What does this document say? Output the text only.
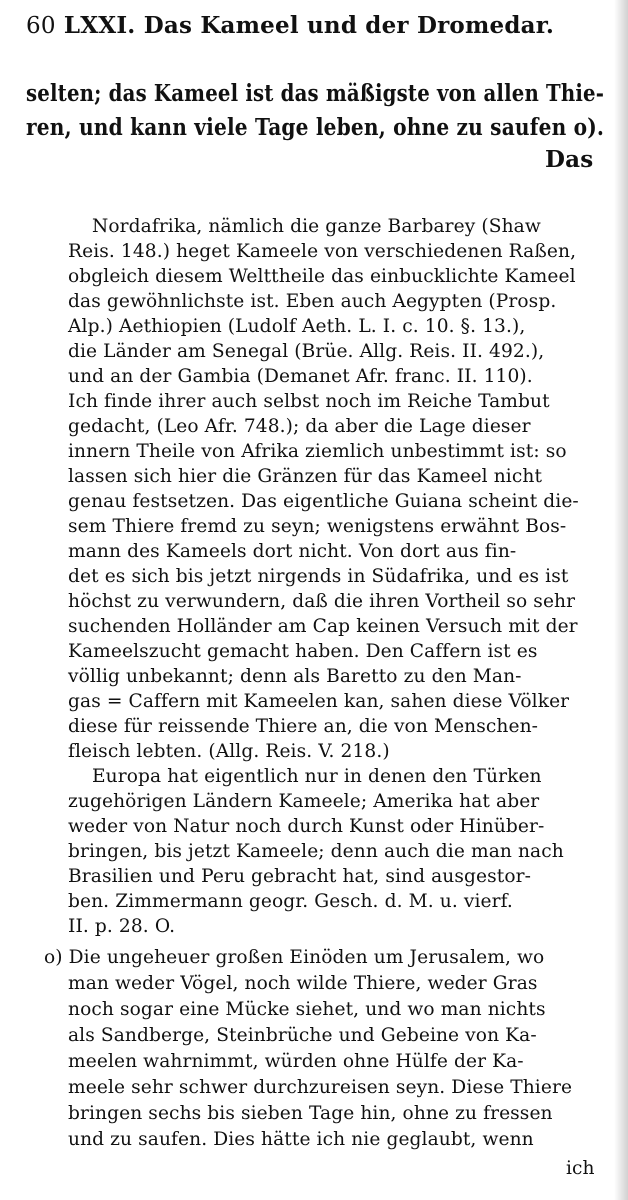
60 LXXI. Das Kameel und der Dromedar.
selten; das Kameel ist das mäßigste von allen Thie-
ren, und kann viele Tage leben, ohne zu saufen o).
Das
Nordafrika, nämlich die ganze Barbarey (Shaw
Reis. 148.) heget Kameele von verschiedenen Raßen,
obgleich diesem Welttheile das einbucklichte Kameel
das gewöhnlichste ist. Eben auch Aegypten (Prosp.
Alp.) Aethiopien (Ludolf Aeth. L. I. c. 10. §. 13.),
die Länder am Senegal (Brüe. Allg. Reis. II. 492.),
und an der Gambia (Demanet Afr. franc. II. 110).
Ich finde ihrer auch selbst noch im Reiche Tambut
gedacht, (Leo Afr. 748.); da aber die Lage dieser
innern Theile von Afrika ziemlich unbestimmt ist: so
lassen sich hier die Gränzen für das Kameel nicht
genau festsetzen. Das eigentliche Guiana scheint die-
sem Thiere fremd zu seyn; wenigstens erwähnt Bos-
mann des Kameels dort nicht. Von dort aus fin-
det es sich bis jetzt nirgends in Südafrika, und es ist
höchst zu verwundern, daß die ihren Vortheil so sehr
suchenden Holländer am Cap keinen Versuch mit der
Kameelszucht gemacht haben. Den Caffern ist es
völlig unbekannt; denn als Baretto zu den Man-
gas = Caffern mit Kameelen kan, sahen diese Völker
diese für reissende Thiere an, die von Menschen-
fleisch lebten. (Allg. Reis. V. 218.)
Europa hat eigentlich nur in denen den Türken
zugehörigen Ländern Kameele; Amerika hat aber
weder von Natur noch durch Kunst oder Hinüber-
bringen, bis jetzt Kameele; denn auch die man nach
Brasilien und Peru gebracht hat, sind ausgestor-
ben. Zimmermann geogr. Gesch. d. M. u. vierf.
II. p. 28. O.
o) Die ungeheuer großen Einöden um Jerusalem, wo
man weder Vögel, noch wilde Thiere, weder Gras
noch sogar eine Mücke siehet, und wo man nichts
als Sandberge, Steinbrüche und Gebeine von Ka-
meelen wahrnimmt, würden ohne Hülfe der Ka-
meele sehr schwer durchzureisen seyn. Diese Thiere
bringen sechs bis sieben Tage hin, ohne zu fressen
und zu saufen. Dies hätte ich nie geglaubt, wenn
ich
